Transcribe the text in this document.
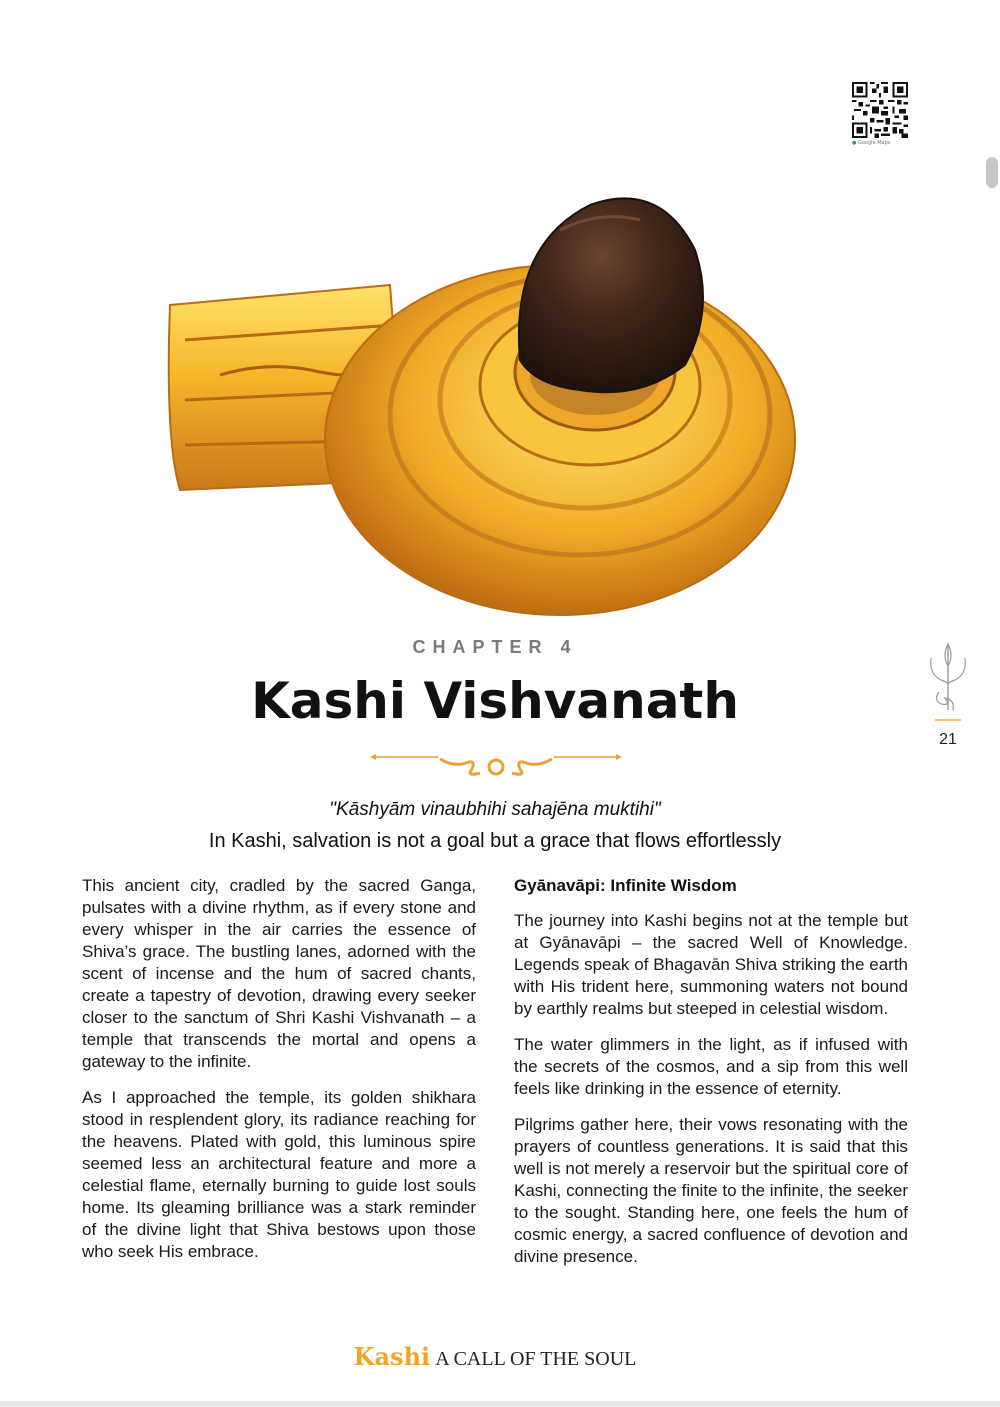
● Google Maps
CHAPTER 4
Kashi Vishvanath
21
"Kāshyām vinaubhihi sahajēna muktihi"
In Kashi, salvation is not a goal but a grace that flows effortlessly

This ancient city, cradled by the sacred Ganga, pulsates with a divine rhythm, as if every stone and every whisper in the air carries the essence of Shiva’s grace. The bustling lanes, adorned with the scent of incense and the hum of sacred chants, create a tapestry of devotion, drawing every seeker closer to the sanctum of Shri Kashi Vishvanath – a temple that transcends the mortal and opens a gateway to the infinite.

As I approached the temple, its golden shikhara stood in resplendent glory, its radiance reaching for the heavens. Plated with gold, this luminous spire seemed less an architectural feature and more a celestial flame, eternally burning to guide lost souls home. Its gleaming brilliance was a stark reminder of the divine light that Shiva bestows upon those who seek His embrace.

Gyānavāpi: Infinite Wisdom

The journey into Kashi begins not at the temple but at Gyānavāpi – the sacred Well of Knowledge. Legends speak of Bhagavān Shiva striking the earth with His trident here, summoning waters not bound by earthly realms but steeped in celestial wisdom.

The water glimmers in the light, as if infused with the secrets of the cosmos, and a sip from this well feels like drinking in the essence of eternity.

Pilgrims gather here, their vows resonating with the prayers of countless generations. It is said that this well is not merely a reservoir but the spiritual core of Kashi, connecting the finite to the infinite, the seeker to the sought. Standing here, one feels the hum of cosmic energy, a sacred confluence of devotion and divine presence.

Kashi A CALL OF THE SOUL
